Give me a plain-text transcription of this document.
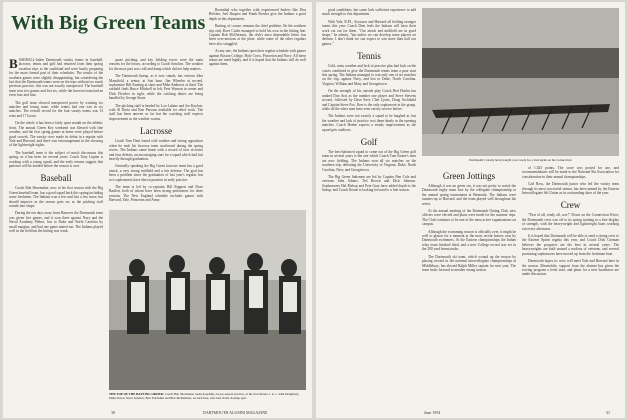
With Big Green Teams

BASEBALL-laden Dartmouth varsity teams in baseball, lacrosse, tennis and golf had returned from their spring vacation trips to the southland and were busily preparing for the more formal part of their schedules. The results of the southern games were slightly disappointing, but considering the fact that the Dartmouth teams were on the trips without too much previous practice, this was not exactly unexpected. The baseball team won two games and lost six, while the lacrosse team had an even four and four.

The golf team showed unexpected power by winning six matches and losing none, while tennis had one win in six matches. The overall record for the four varsity teams was 13 wins and 17 losses.

On the whole it has been a fairly quiet month on the athletic front. The annual Green Key weekend was blessed with fine weather, and the first spring games at home were played before good crowds. The varsity crew made its debut in a regatta with Yale and Harvard, and there was encouragement in the showing of the lightweight eights.

The baseball team is the subject of much discussion this spring, as it has been for several years. Coach Tony Lupien is working with a young squad, and the early returns suggest that patience will be needed before the season is over.

Baseball

Coach Bob Shoemaker, now in his first season with the Big Green baseball team, has a good squad back this spring including some freshmen. The Indians won a few and lost a few more, but should improve as the season goes on, as the pitching staff rounds into shape.

During the ten days away from Hanover the Dartmouth team was given five games, and it won three against Navy and the Naval Academy Plebes, lost to Duke and North Carolina by small margins, and had one game rained out. The Indians played well in the field but the hitting was weak.

quote pitching, and key fielding errors were the main reasons for the losses, according to Coach Sanchez. The weather for the most part was cold and damp which did not help matters.

The Dartmouth lineup, as it now stands, has veteran John Mansfield, a senior, at first base, Jim Wheeler at second, sophomore Bill Keating at short and Mike Ambrose at third. The outfield finds Bruce Mitchell in left, Pete Wyman in center and Dick Fletcher in right, while the catching duties are being handled by George Stone.

The pitching staff is headed by Lou Lalime and Joe Kayhoe, with Al Doria and Ken Parsons available for relief work. The staff has been uneven so far but the coaching staff expects improvement as the weather warms.

Lacrosse

Coach Tom Dent found cold weather and strong opposition when he took his lacrosse team southward during the spring recess. The Indians came home with a record of four victories and four defeats, an encouraging start for a squad which had lost heavily through graduation.

Generally speaking the Big Green lacrosse team has a good attack, a very strong midfield and a fair defense. The goal has been a problem since the graduation of last year's regular, but two sophomores have shown promise in early practice.

The team is led by co-captains Bill Ruppert and Dave Bartlett, both of whom have been strong performers for three seasons. The New England schedule includes games with Harvard, Yale, Princeton and Army.

Rosenthal who together with experienced hurlers like Don Belcher, Joel Shapiro and Frank Bowles give the Indians a good depth in this department.

Batting, of course, remains the chief problem. On the southern trip only Dave Cutler managed to hold his own in the hitting line. Captain Bob McDermott, the club's most dependable hitter, has been over-anxious at the plate, while some of the other regulars have also struggled.

At any rate, the Indians open their regular schedule with games against Boston College, Holy Cross, Princeton and Navy. All these teams are rated highly, and it is hoped that the Indians will do well against them.

THE TOP OF THE BATTING ORDER: Coach Bob Shoemaker looks hopefully, in pre-season practice, at the four hitters: l. to r., John Dougherty, Mike Dowd, Steve Sanders, Bob Fairbanks and Bob McDermott, second base, who bats in the cleanup spot.
30	DARTMOUTH ALUMNI MAGAZINE

good candidates, but some lack sufficient experience to add much strength to this department.

With Yale, R.P.I., Syracuse and Harvard all fielding stronger teams this year, Coach Dent feels the Indians will have their work cut out for them. "Our attack and midfield are in good shape," he admits, "but unless we can develop some players on defense, I don't think we can expect to win more than half our games."

Tennis

Cold, rainy weather and lack of practice plus bad luck on the courts combined to give the Dartmouth tennis team a poor start this spring. The Indians managed to win only one of six matches on the trip, against Navy, and lost to Duke, North Carolina, Virginia, William and Mary and Georgetown.

On the strength of his outside play Coach Red Hoehn has ranked Don Arzt as the number one player and Steve Stevens second, followed by Dave Kerr, Chet Lyons, Doug Archibald and Captain Steve Fox. Kerr is the only sophomore in the group, while all the other men have seen varsity service before.

The Indians were not exactly a squad to be laughed at, but the weather and lack of practice cost them dearly in the opening matches. Coach Hoehn expects a steady improvement as the squad gets outdoors.

Golf

The best-balanced squad to come out of the Big Green golf team in several years is the one which Coach Tom Keane's men are now fielding. The Indians won all six matches on the southern trip, defeating the University of Virginia, Duke, North Carolina, Navy and Georgetown.

The Big Green linksmen are led by Captain Ben Cole and veterans John Adams, Ted Brown and Dick Johnson. Sophomores Hal Bishop and Pete Gray have added depth to the lineup, and Coach Keane is looking forward to a fine season.

Dartmouth's varsity heavyweight crew ready for a trial sprint on the Connecticut
Green Jottings

Although it was no green sin, it was not pretty to watch the Dartmouth rugby team lose by the collegiate championship to the annual spring tournament at Bermuda. The Indians were runners-up to Harvard, and the team played well throughout the series.

At the annual meeting of the Dartmouth Outing Club, new officers were elected and plans were made for the summer trips. The Club continues to be one of the most active organizations on campus.

Although the swimming season is officially over, it might be well to glance for a moment at the most recent honors won by Dartmouth swimmers. At the Eastern championships the Indian relay team finished third, and a new College record was set in the 200 yard breaststroke.

The Dartmouth ski team, which wound up the season by placing second in the national intercollegiate championships at Middlebury, has elected Ralph Miller captain for next year. The team looks forward to another strong season.

of 1,023 points. The score was posted for use, and recommendations will be made to the National Ski Association for consideration in their annual championships.

Carl Ross, the Dartmouth junior who led the varsity team through its most successful season, has been named by the Eastern Intercollegiate Ski Union as its outstanding skier of the year.

Crew

"First of all, ready all, row!" Down on the Connecticut River, the Dartmouth crew was off to its spring training in a fine display of strength, with the heavyweight and lightweight boats working out every afternoon.

It is hoped that Dartmouth will be able to send a strong crew to the Eastern Sprint regatta this year, and Coach Dick Gorman believes the prospects are the best in several years. The heavyweights are built around a nucleus of veterans, and several promising sophomores have moved up from the freshman boat.

Dartmouth hopes its crew will meet Yale and Harvard later in the season. Meanwhile, support from the alumni has given the rowing program a fresh start, and plans for a new boathouse are under discussion.

June 1954	31
